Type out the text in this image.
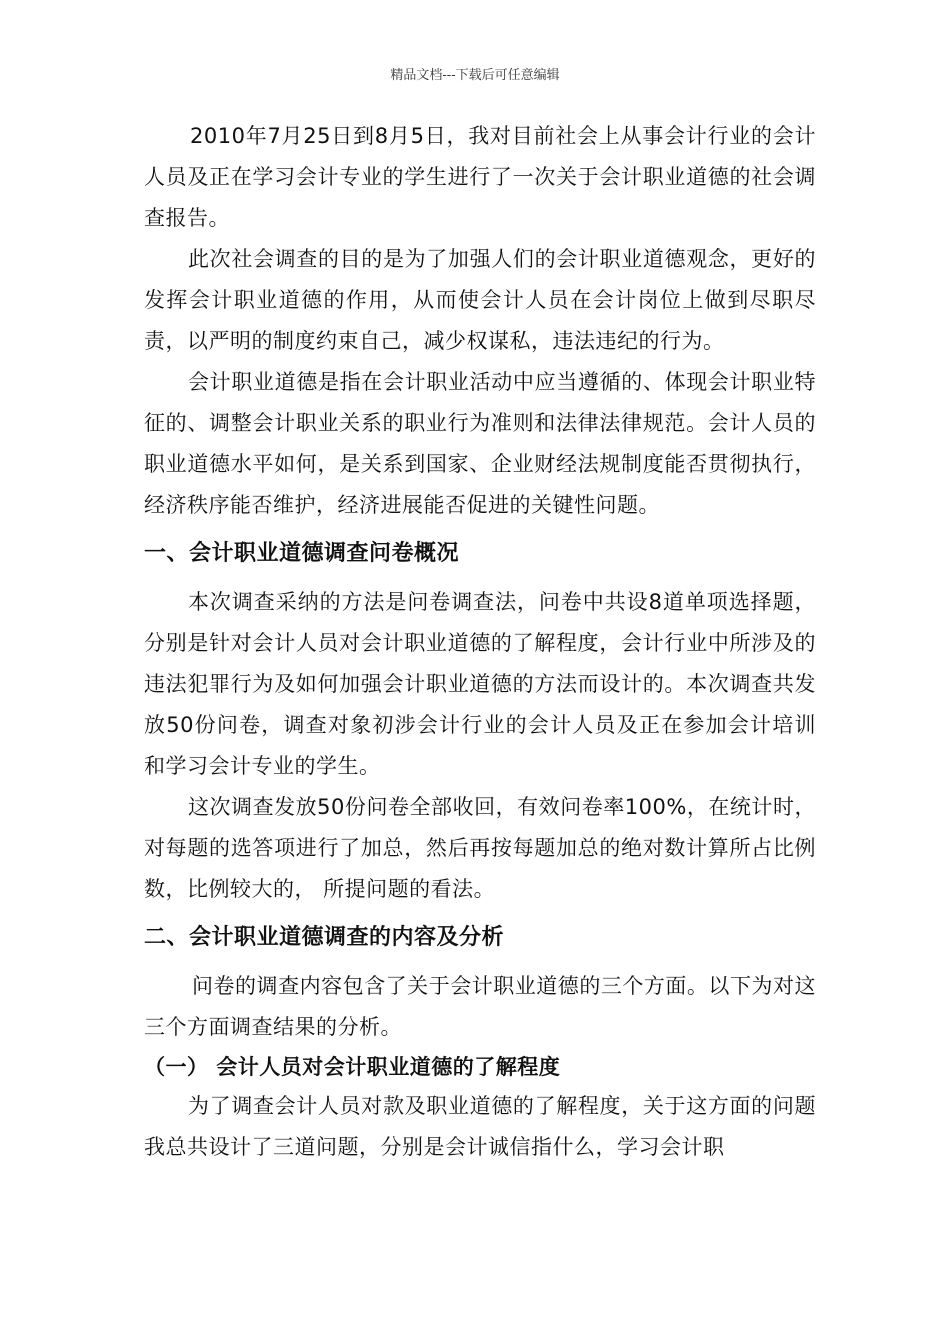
精品文档---下载后可任意编辑

2010年7月25日到8月5日，我对目前社会上从事会计行业的会计人员及正在学习会计专业的学生进行了一次关于会计职业道德的社会调查报告。

此次社会调查的目的是为了加强人们的会计职业道德观念，更好的发挥会计职业道德的作用，从而使会计人员在会计岗位上做到尽职尽责，以严明的制度约束自己，减少权谋私，违法违纪的行为。

会计职业道德是指在会计职业活动中应当遵循的、体现会计职业特征的、调整会计职业关系的职业行为准则和法律法律规范。会计人员的职业道德水平如何，是关系到国家、企业财经法规制度能否贯彻执行，经济秩序能否维护，经济进展能否促进的关键性问题。

一、会计职业道德调查问卷概况

本次调查采纳的方法是问卷调查法，问卷中共设8道单项选择题，分别是针对会计人员对会计职业道德的了解程度，会计行业中所涉及的违法犯罪行为及如何加强会计职业道德的方法而设计的。本次调查共发放50份问卷，调查对象初涉会计行业的会计人员及正在参加会计培训和学习会计专业的学生。

这次调查发放50份问卷全部收回，有效问卷率100%，在统计时，对每题的选答项进行了加总，然后再按每题加总的绝对数计算所占比例数，比例较大的， 所提问题的看法。

二、会计职业道德调查的内容及分析

问卷的调查内容包含了关于会计职业道德的三个方面。以下为对这三个方面调查结果的分析。

（一） 会计人员对会计职业道德的了解程度

为了调查会计人员对款及职业道德的了解程度，关于这方面的问题我总共设计了三道问题，分别是会计诚信指什么，学习会计职
